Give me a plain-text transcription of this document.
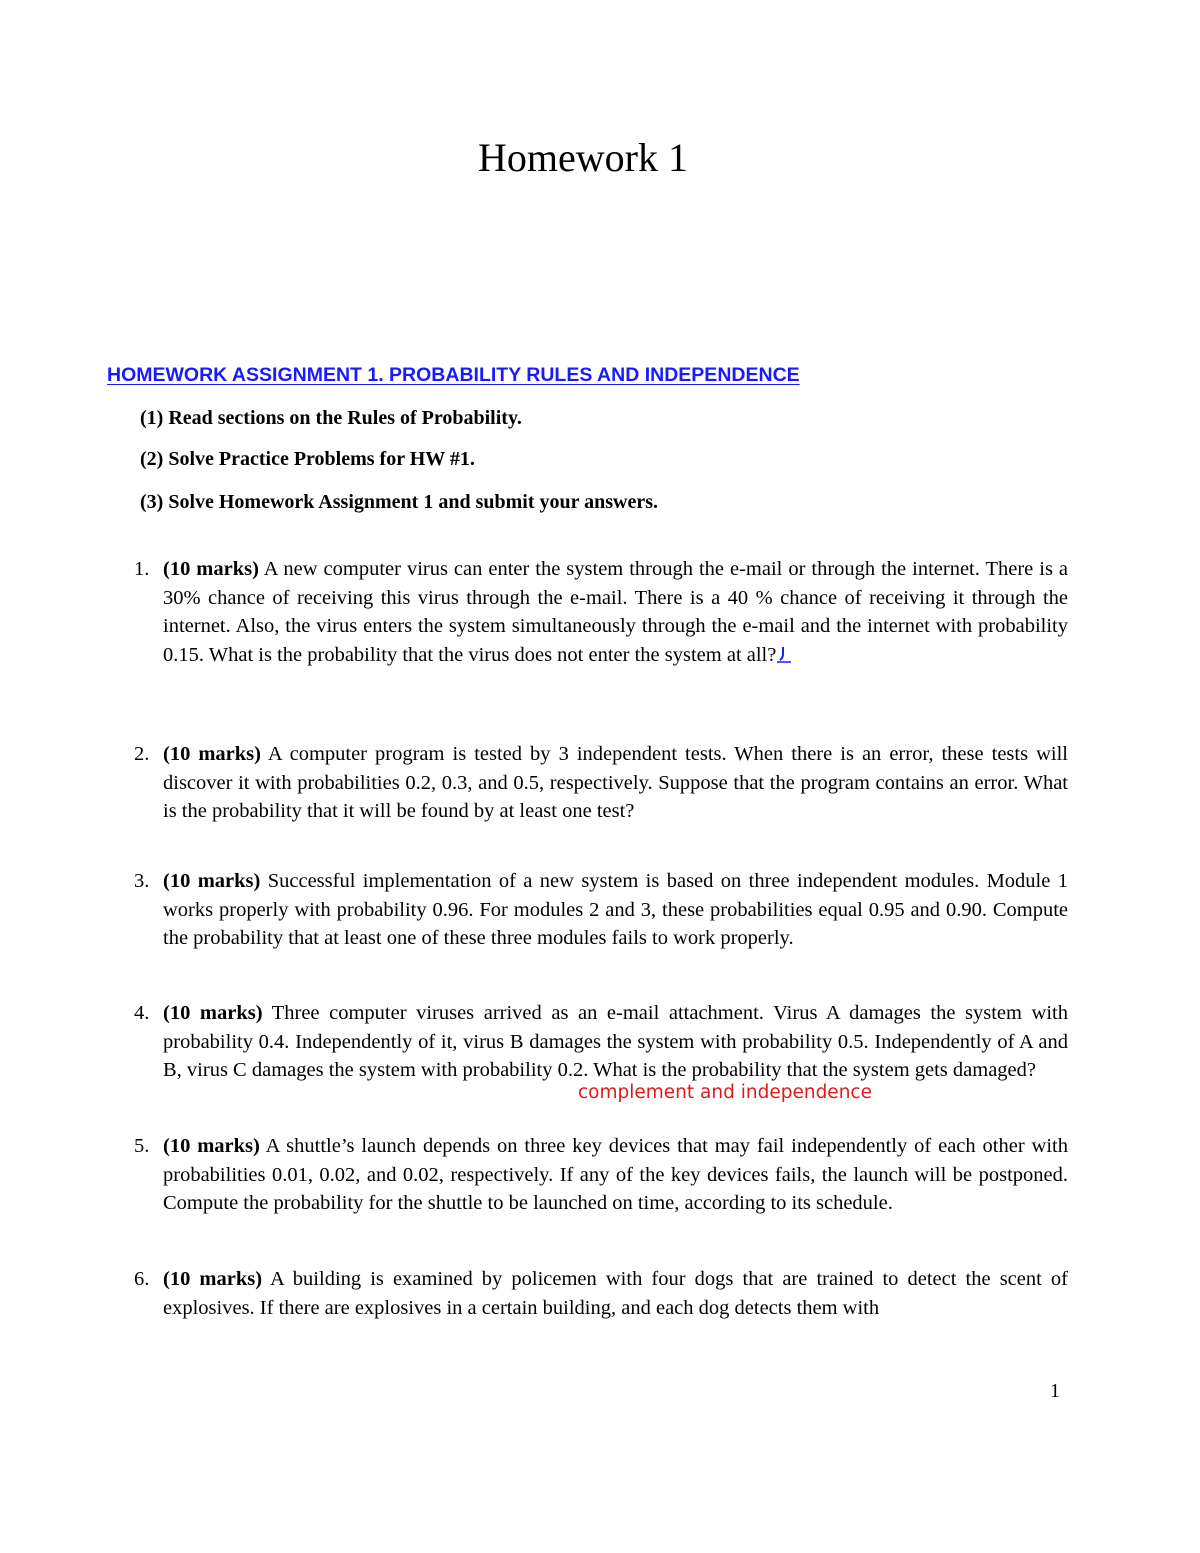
Homework 1
HOMEWORK ASSIGNMENT 1. PROBABILITY RULES AND INDEPENDENCE
(1) Read sections on the Rules of Probability.
(2) Solve Practice Problems for HW #1.
(3) Solve Homework Assignment 1 and submit your answers.
1. (10 marks) A new computer virus can enter the system through the e-mail or through the internet. There is a 30% chance of receiving this virus through the e-mail. There is a 40 % chance of receiving it through the internet. Also, the virus enters the system simultaneously through the e-mail and the internet with probability 0.15. What is the probability that the virus does not enter the system at all?
2. (10 marks) A computer program is tested by 3 independent tests. When there is an error, these tests will discover it with probabilities 0.2, 0.3, and 0.5, respectively. Suppose that the program contains an error. What is the probability that it will be found by at least one test?
3. (10 marks) Successful implementation of a new system is based on three independent modules. Module 1 works properly with probability 0.96. For modules 2 and 3, these probabilities equal 0.95 and 0.90. Compute the probability that at least one of these three modules fails to work properly.
4. (10 marks) Three computer viruses arrived as an e-mail attachment. Virus A damages the system with probability 0.4. Independently of it, virus B damages the system with probability 0.5. Independently of A and B, virus C damages the system with probability 0.2. What is the probability that the system gets damaged?
complement and independence
5. (10 marks) A shuttle’s launch depends on three key devices that may fail independently of each other with probabilities 0.01, 0.02, and 0.02, respectively. If any of the key devices fails, the launch will be postponed. Compute the probability for the shuttle to be launched on time, according to its schedule.
6. (10 marks) A building is examined by policemen with four dogs that are trained to detect the scent of explosives. If there are explosives in a certain building, and each dog detects them with
1
